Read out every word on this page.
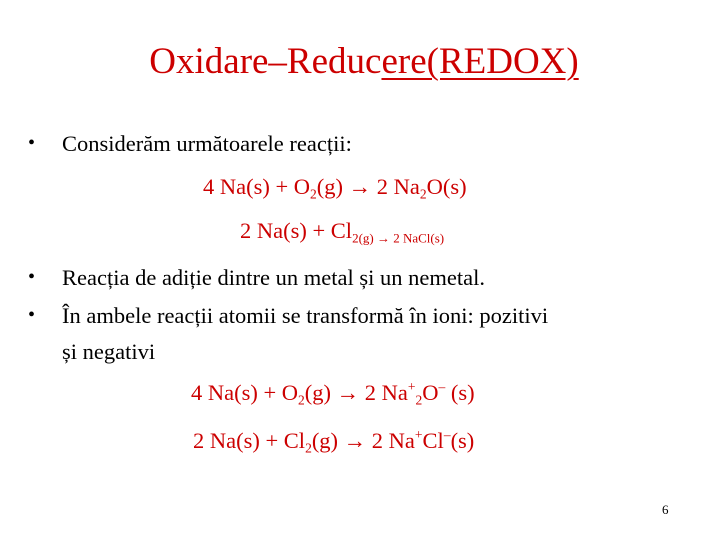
Oxidare–Reducere(REDOX)
•	Considerăm următoarele reacții:
4 $Na(s) + O_2(g) \to 2$ $Na_2O(s)$
2 $Na(s) + Cl_{2(g) \to 2 NaCl(s)}$
•	Reacția de adiție dintre un metal și un nemetal.
•	În ambele reacții atomii se transformă în ioni: pozitivi
și negativi
4 $Na(s) + O_2(g) \to 2$ $Na^+_2O^-$ (s)
2 $Na(s) + Cl_2(g) \to 2$ Na+Cl–(s)
6
